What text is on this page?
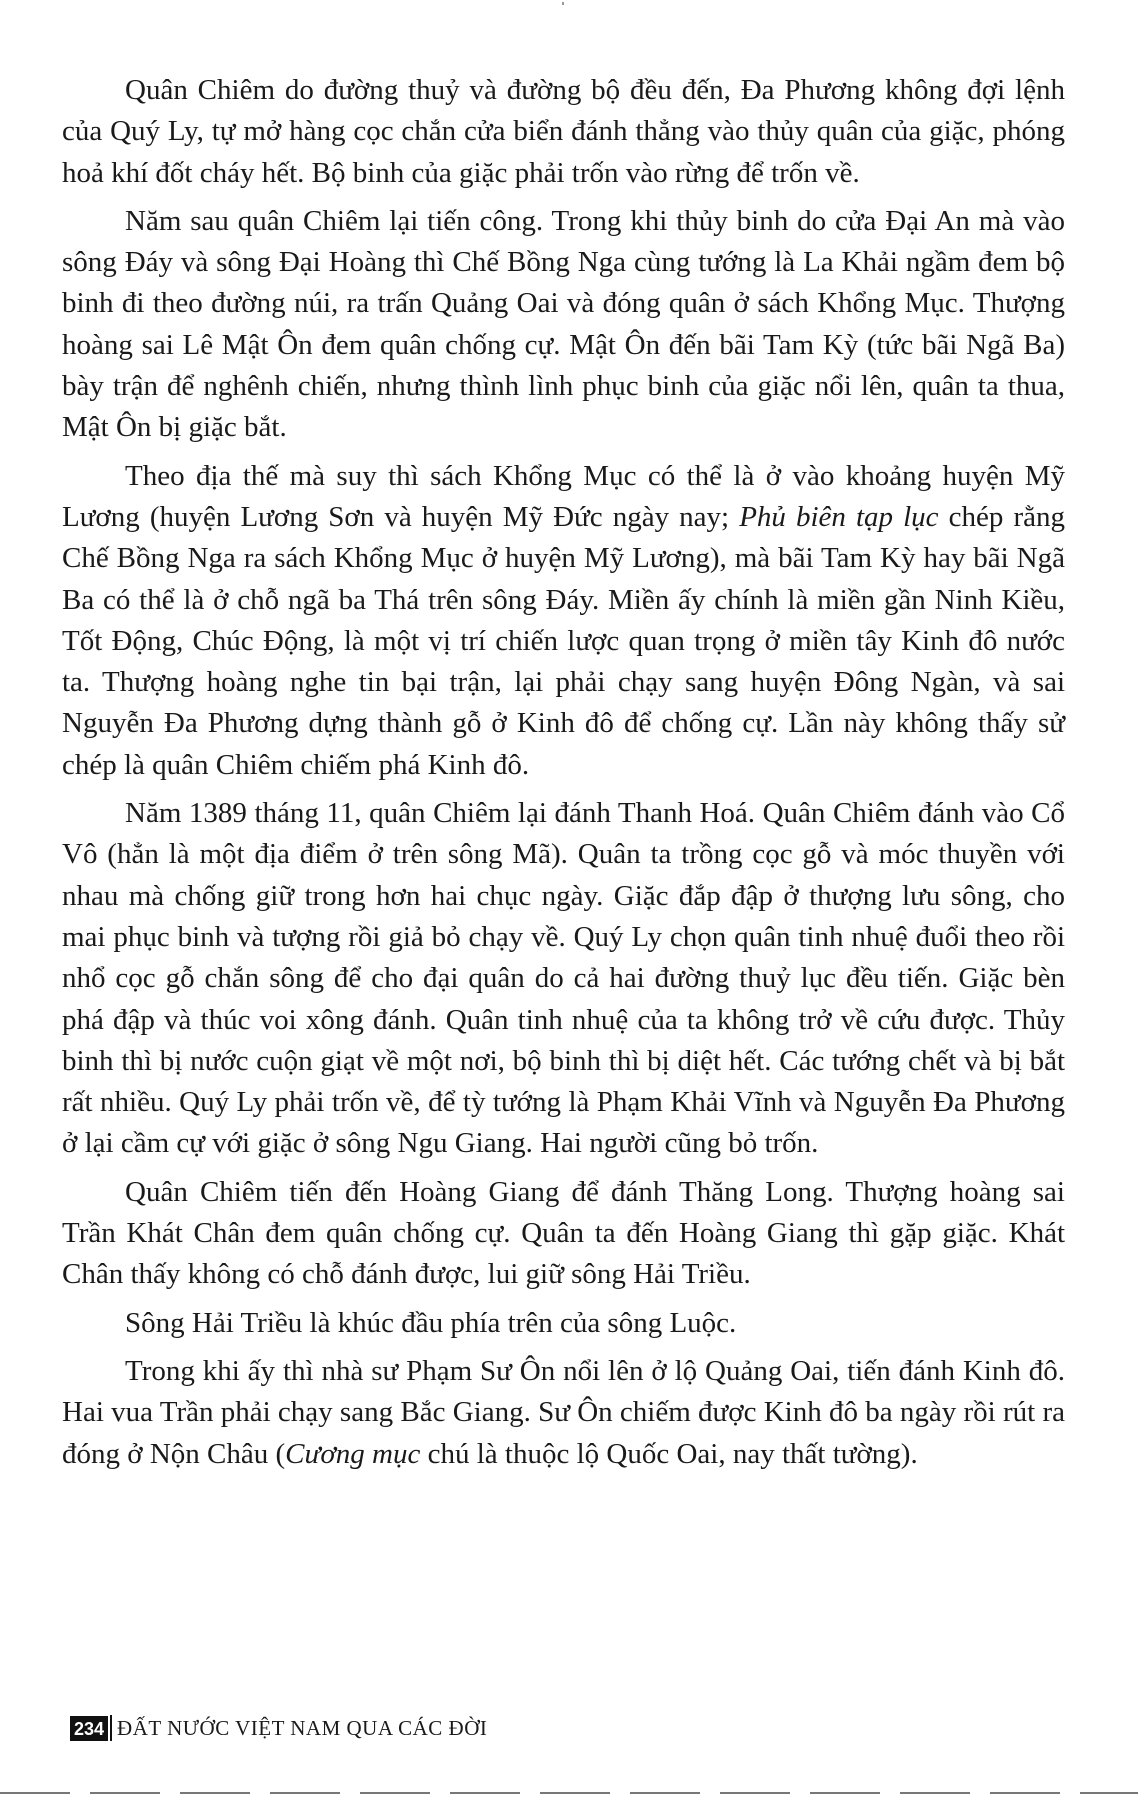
Quân Chiêm do đường thuỷ và đường bộ đều đến, Đa Phương không đợi lệnh của Quý Ly, tự mở hàng cọc chắn cửa biển đánh thẳng vào thủy quân của giặc, phóng hoả khí đốt cháy hết. Bộ binh của giặc phải trốn vào rừng để trốn về.

Năm sau quân Chiêm lại tiến công. Trong khi thủy binh do cửa Đại An mà vào sông Đáy và sông Đại Hoàng thì Chế Bồng Nga cùng tướng là La Khải ngầm đem bộ binh đi theo đường núi, ra trấn Quảng Oai và đóng quân ở sách Khổng Mục. Thượng hoàng sai Lê Mật Ôn đem quân chống cự. Mật Ôn đến bãi Tam Kỳ (tức bãi Ngã Ba) bày trận để nghênh chiến, nhưng thình lình phục binh của giặc nổi lên, quân ta thua, Mật Ôn bị giặc bắt.

Theo địa thế mà suy thì sách Khổng Mục có thể là ở vào khoảng huyện Mỹ Lương (huyện Lương Sơn và huyện Mỹ Đức ngày nay; Phủ biên tạp lục chép rằng Chế Bồng Nga ra sách Khổng Mục ở huyện Mỹ Lương), mà bãi Tam Kỳ hay bãi Ngã Ba có thể là ở chỗ ngã ba Thá trên sông Đáy. Miền ấy chính là miền gần Ninh Kiều, Tốt Động, Chúc Động, là một vị trí chiến lược quan trọng ở miền tây Kinh đô nước ta. Thượng hoàng nghe tin bại trận, lại phải chạy sang huyện Đông Ngàn, và sai Nguyễn Đa Phương dựng thành gỗ ở Kinh đô để chống cự. Lần này không thấy sử chép là quân Chiêm chiếm phá Kinh đô.

Năm 1389 tháng 11, quân Chiêm lại đánh Thanh Hoá. Quân Chiêm đánh vào Cổ Vô (hẳn là một địa điểm ở trên sông Mã). Quân ta trồng cọc gỗ và móc thuyền với nhau mà chống giữ trong hơn hai chục ngày. Giặc đắp đập ở thượng lưu sông, cho mai phục binh và tượng rồi giả bỏ chạy về. Quý Ly chọn quân tinh nhuệ đuổi theo rồi nhổ cọc gỗ chắn sông để cho đại quân do cả hai đường thuỷ lục đều tiến. Giặc bèn phá đập và thúc voi xông đánh. Quân tinh nhuệ của ta không trở về cứu được. Thủy binh thì bị nước cuộn giạt về một nơi, bộ binh thì bị diệt hết. Các tướng chết và bị bắt rất nhiều. Quý Ly phải trốn về, để tỳ tướng là Phạm Khải Vĩnh và Nguyễn Đa Phương ở lại cầm cự với giặc ở sông Ngu Giang. Hai người cũng bỏ trốn.

Quân Chiêm tiến đến Hoàng Giang để đánh Thăng Long. Thượng hoàng sai Trần Khát Chân đem quân chống cự. Quân ta đến Hoàng Giang thì gặp giặc. Khát Chân thấy không có chỗ đánh được, lui giữ sông Hải Triều.

Sông Hải Triều là khúc đầu phía trên của sông Luộc.

Trong khi ấy thì nhà sư Phạm Sư Ôn nổi lên ở lộ Quảng Oai, tiến đánh Kinh đô. Hai vua Trần phải chạy sang Bắc Giang. Sư Ôn chiếm được Kinh đô ba ngày rồi rút ra đóng ở Nộn Châu (Cương mục chú là thuộc lộ Quốc Oai, nay thất tường).

234 ĐẤT NƯỚC VIỆT NAM QUA CÁC ĐỜI
